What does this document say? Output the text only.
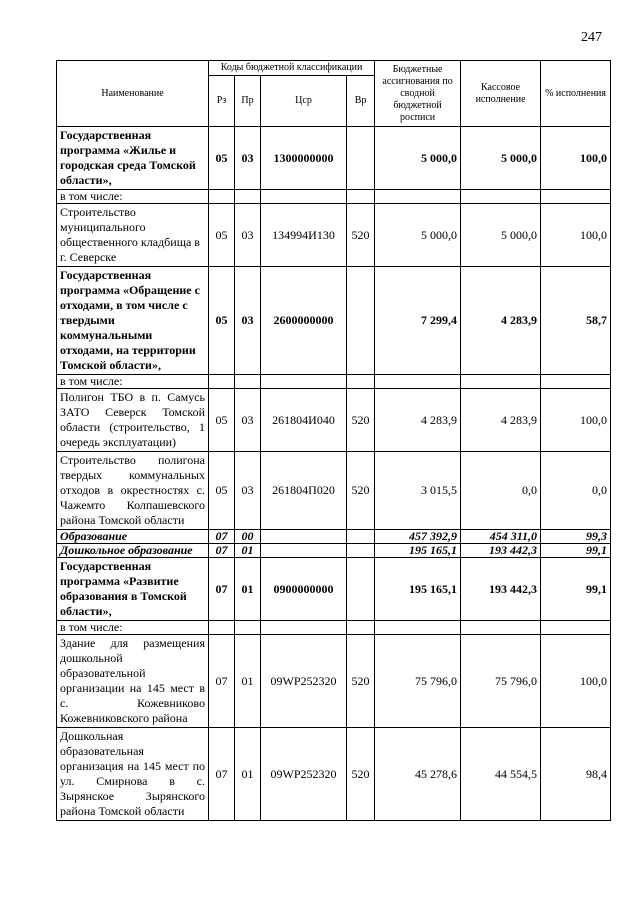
247
Наименование	Коды бюджетной классификации				Бюджетные ассигнования по сводной бюджетной росписи	Кассовое исполнение	% исполнения
	Рз	Пр	Цср	Вр			
Государственная программа «Жилье и городская среда Томской области»,	05	03	1300000000		5 000,0	5 000,0	100,0
в том числе:							
Строительство муниципального общественного кладбища в г. Северске	05	03	134994И130	520	5 000,0	5 000,0	100,0
Государственная программа «Обращение с отходами, в том числе с твердыми коммунальными отходами, на территории Томской области»,	05	03	2600000000		7 299,4	4 283,9	58,7
в том числе:							
Полигон ТБО в п. Самусь ЗАТО Северск Томской области (строительство, 1 очередь эксплуатации)	05	03	261804И040	520	4 283,9	4 283,9	100,0
Строительство полигона твердых коммунальных отходов в окрестностях с. Чажемто Колпашевского района Томской области	05	03	261804П020	520	3 015,5	0,0	0,0
Образование	07	00			457 392,9	454 311,0	99,3
Дошкольное образование	07	01			195 165,1	193 442,3	99,1
Государственная программа «Развитие образования в Томской области»,	07	01	0900000000		195 165,1	193 442,3	99,1
в том числе:							
Здание для размещения дошкольной образовательной организации на 145 мест в с. Кожевниково Кожевниковского района	07	01	09WP252320	520	75 796,0	75 796,0	100,0
Дошкольная образовательная организация на 145 мест по ул. Смирнова в с. Зырянское Зырянского района Томской области	07	01	09WP252320	520	45 278,6	44 554,5	98,4
